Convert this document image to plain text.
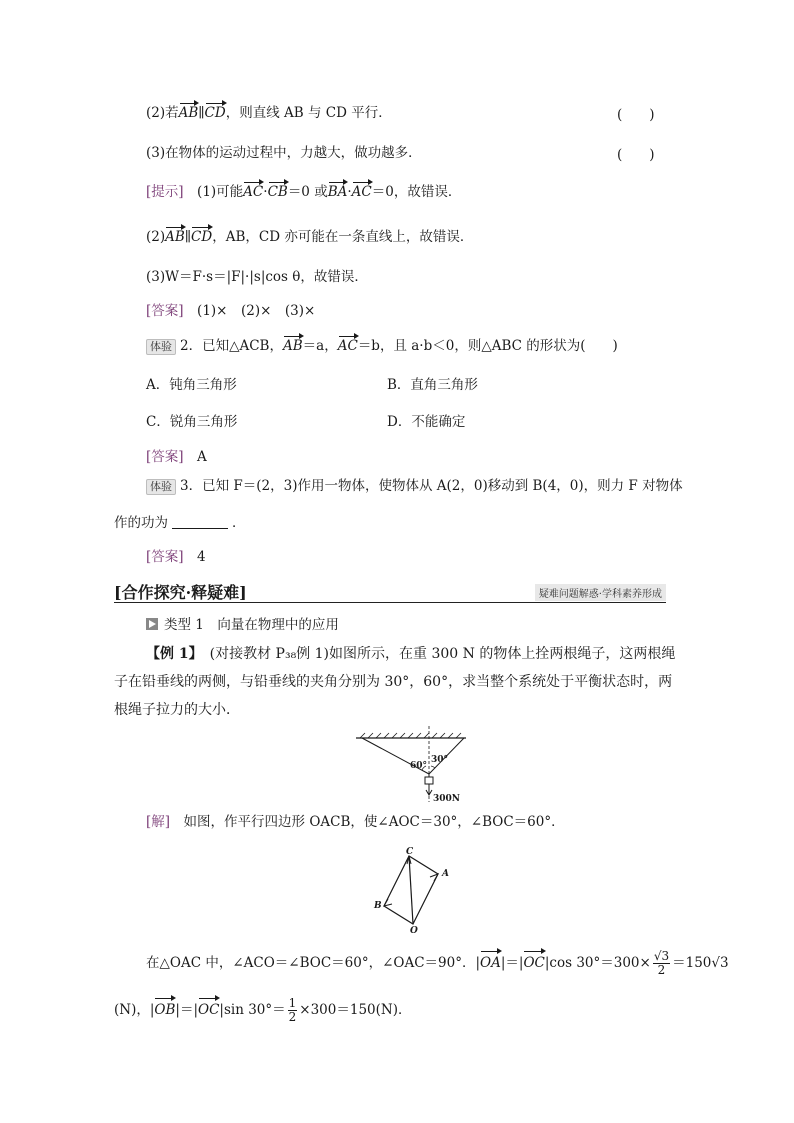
(2)若AB∥CD，则直线 AB 与 CD 平行．	(　　)
(3)在物体的运动过程中，力越大，做功越多．	(　　)
[提示]　(1)可能AC·CB＝0 或BA·AC＝0，故错误．
(2)AB∥CD，AB，CD 亦可能在一条直线上，故错误．
(3)W＝F·s＝|F|·|s|cos θ，故错误．
[答案]　(1)×　(2)×　(3)×
体验 2．已知△ACB，AB＝a，AC＝b，且 a·b＜0，则△ABC 的形状为(　　)
A．钝角三角形	B．直角三角形
C．锐角三角形	D．不能确定
[答案]　A
体验 3．已知 F＝(2，3)作用一物体，使物体从 A(2，0)移动到 B(4，0)，则力 F 对物体
作的功为	．
[答案]　4
[合作探究·释疑难]	疑难问题解惑·学科素养形成
类型 1　向量在物理中的应用
【例 1】　(对接教材 P₃₈例 1)如图所示，在重 300 N 的物体上拴两根绳子，这两根绳子在铅垂线的两侧，与铅垂线的夹角分别为 30°，60°，求当整个系统处于平衡状态时，两根绳子拉力的大小．
30°
60°
300N
[解]　如图，作平行四边形 OACB，使∠AOC＝30°，∠BOC＝60°．
C
A
B
O
在△OAC 中，∠ACO＝∠BOC＝60°，∠OAC＝90°．|OA|＝|OC|cos $30^\circ=300\times \frac{√3}{2} =150√3$
(N)，|OB|＝|OC|sin $30^\circ= \frac{1}{2} \times 300=150(N)$．
